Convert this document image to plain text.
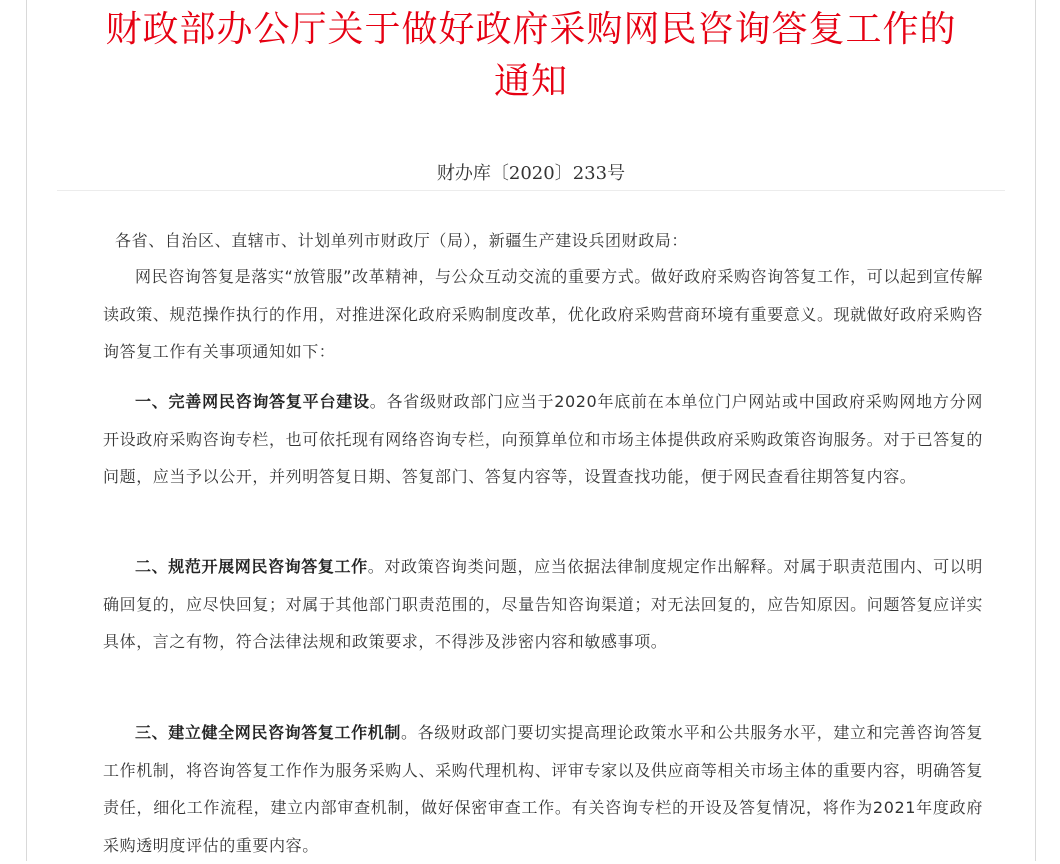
财政部办公厅关于做好政府采购网民咨询答复工作的
通知
财办库〔2020〕233号

各省、自治区、直辖市、计划单列市财政厅（局），新疆生产建设兵团财政局：

网民咨询答复是落实“放管服”改革精神，与公众互动交流的重要方式。做好政府采购咨询答复工作，可以起到宣传解读政策、规范操作执行的作用，对推进深化政府采购制度改革，优化政府采购营商环境有重要意义。现就做好政府采购咨询答复工作有关事项通知如下：

一、完善网民咨询答复平台建设。各省级财政部门应当于2020年底前在本单位门户网站或中国政府采购网地方分网开设政府采购咨询专栏，也可依托现有网络咨询专栏，向预算单位和市场主体提供政府采购政策咨询服务。对于已答复的问题，应当予以公开，并列明答复日期、答复部门、答复内容等，设置查找功能，便于网民查看往期答复内容。

二、规范开展网民咨询答复工作。对政策咨询类问题，应当依据法律制度规定作出解释。对属于职责范围内、可以明确回复的，应尽快回复；对属于其他部门职责范围的，尽量告知咨询渠道；对无法回复的，应告知原因。问题答复应详实具体，言之有物，符合法律法规和政策要求，不得涉及涉密内容和敏感事项。

三、建立健全网民咨询答复工作机制。各级财政部门要切实提高理论政策水平和公共服务水平，建立和完善咨询答复工作机制，将咨询答复工作作为服务采购人、采购代理机构、评审专家以及供应商等相关市场主体的重要内容，明确答复责任，细化工作流程，建立内部审查机制，做好保密审查工作。有关咨询专栏的开设及答复情况，将作为2021年度政府采购透明度评估的重要内容。
